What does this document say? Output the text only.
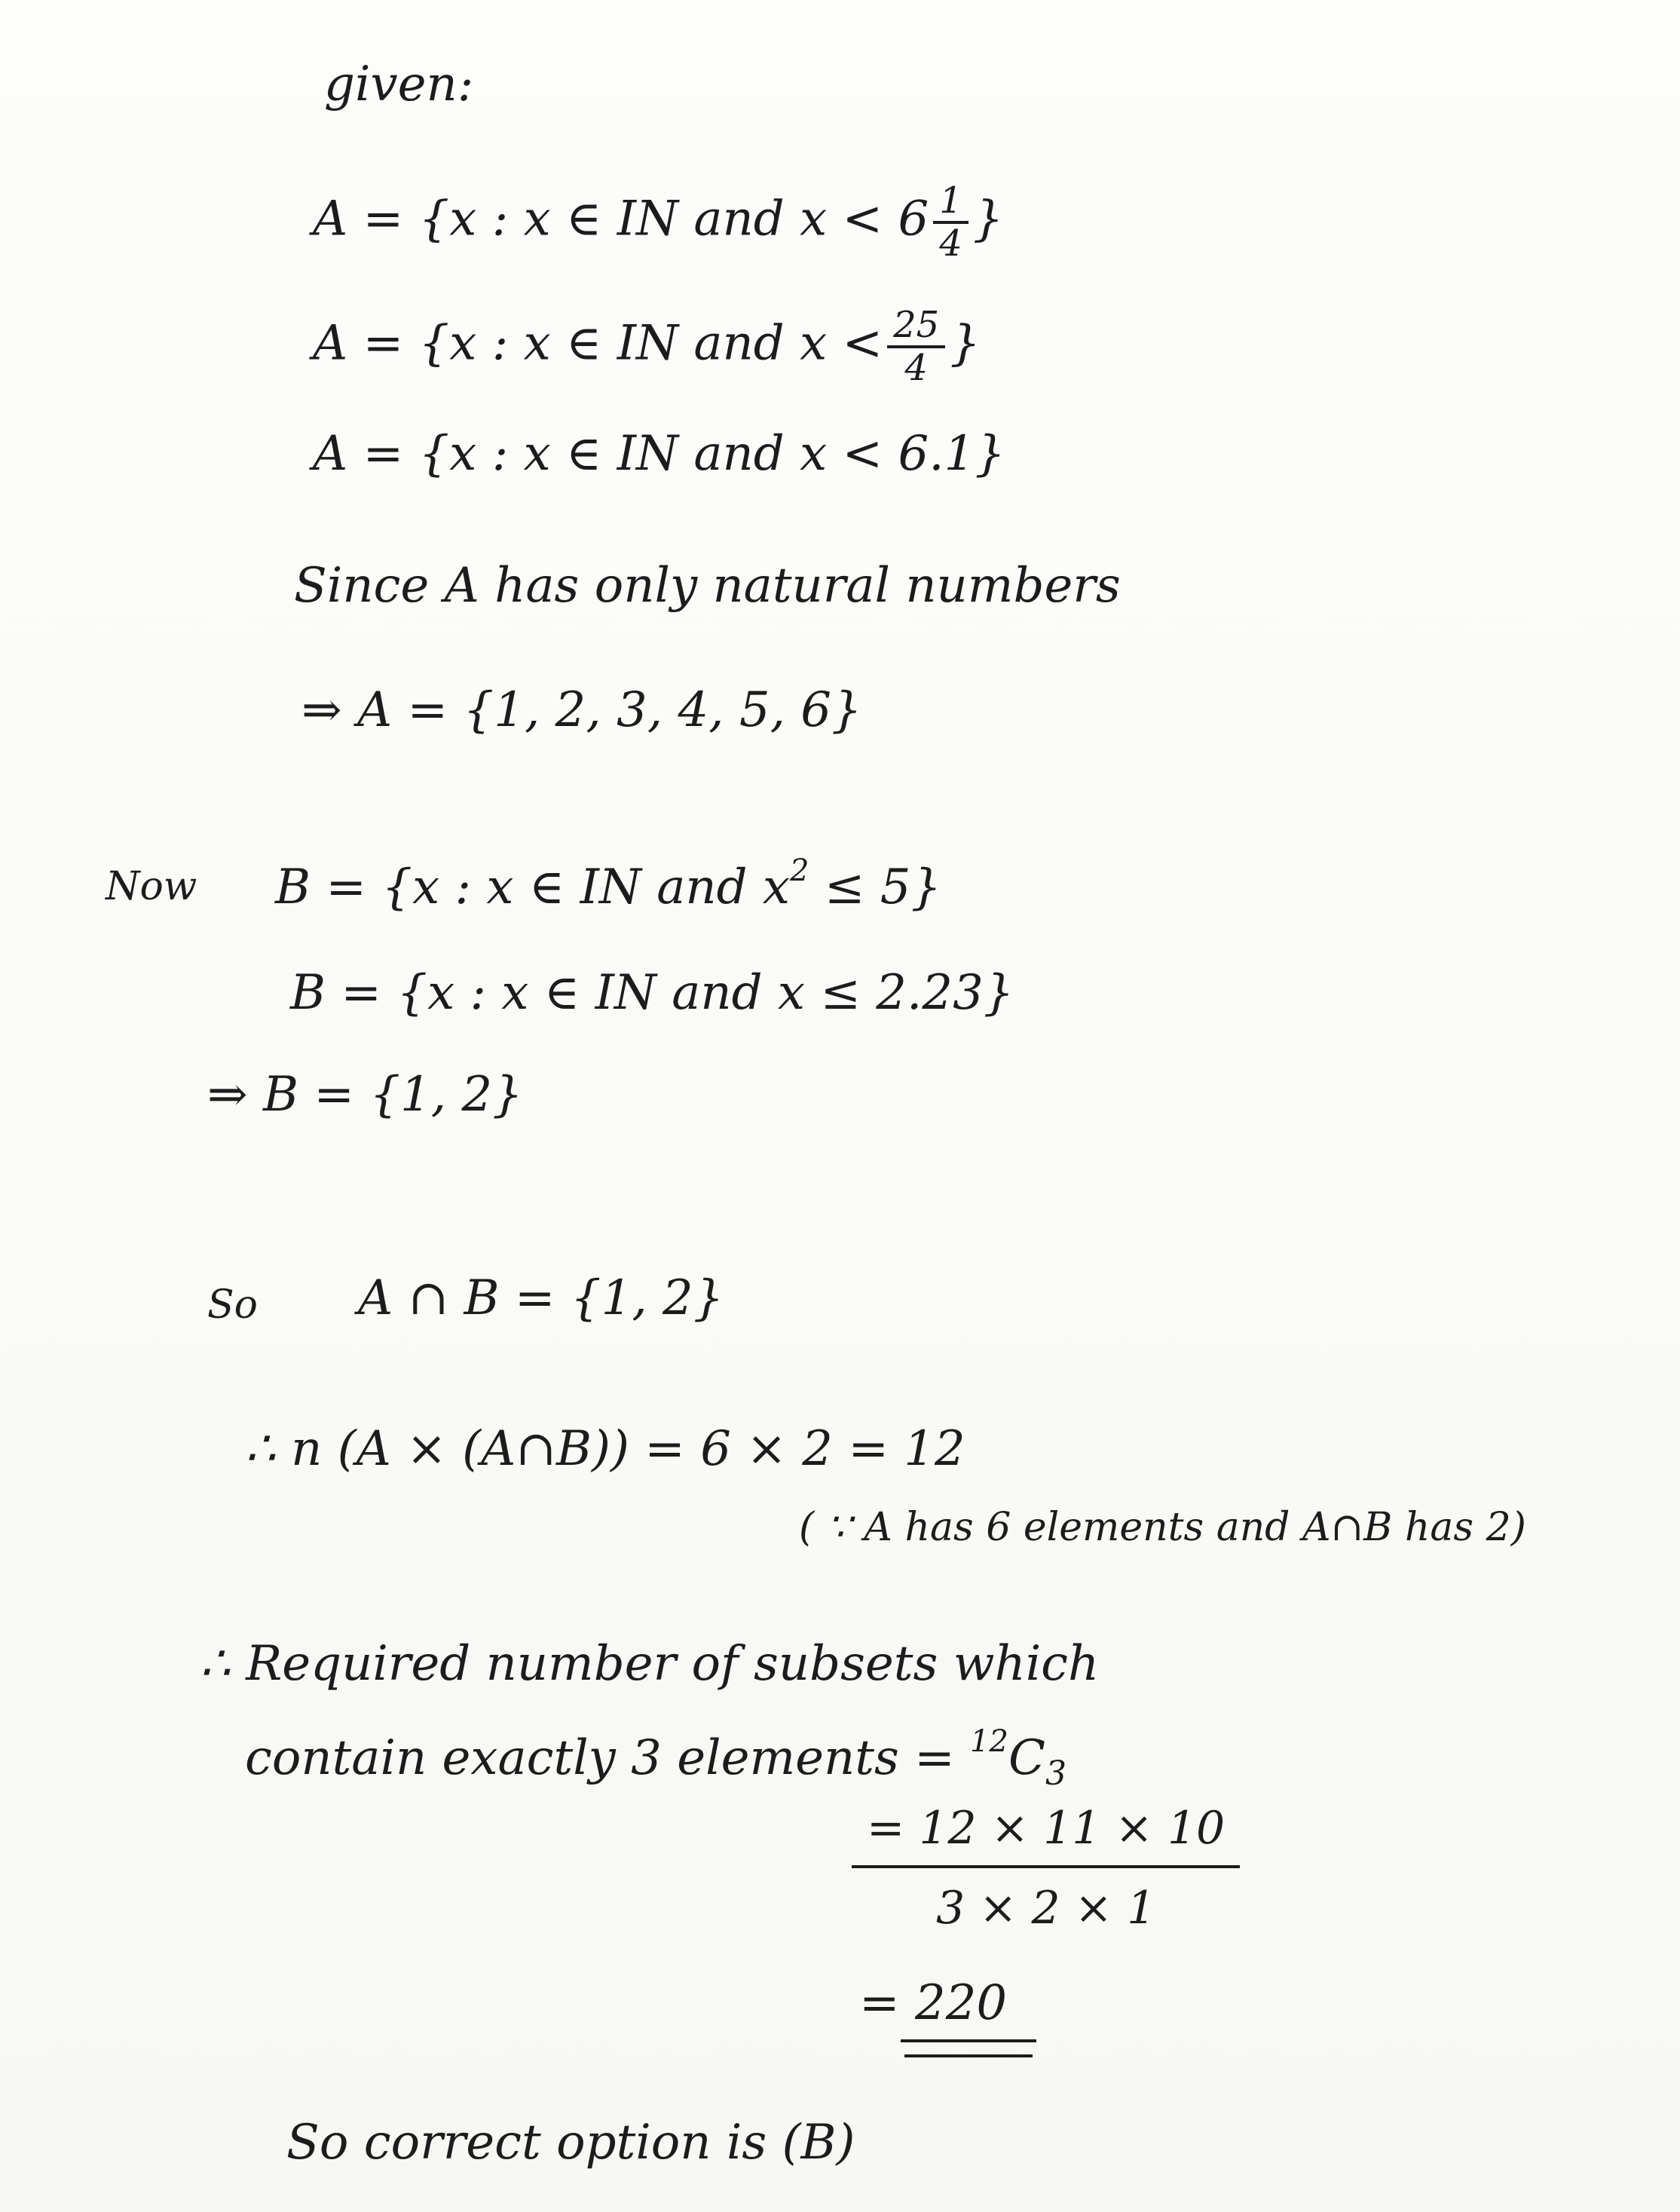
given:
A = {x : x ∈ IN and $x < 6 \frac{1}{4}$ }
A = {x : x ∈ IN and $x < \frac{25}{4}$ }
A = {x : x ∈ IN and x < 6.1}
Since A has only natural numbers
⇒ A = {1, 2, 3, 4, 5, 6}
Now B = {x : x ∈ IN and $x^2 \le 5$}
B = {x : x ∈ IN and x ≤ 2.23}
⇒ B = {1, 2}
So A ∩ B = {1, 2}
∴ n (A × (A∩B)) = 6 × 2 = 12
( ∵ A has 6 elements and A∩B has 2)
∴ Required number of subsets which
contain exactly 3 elements = $^{12}C_3$
$\frac{= 12 \times 11 \times 10}{3 \times 2 \times 1}$
= 220
So correct option is (B)
